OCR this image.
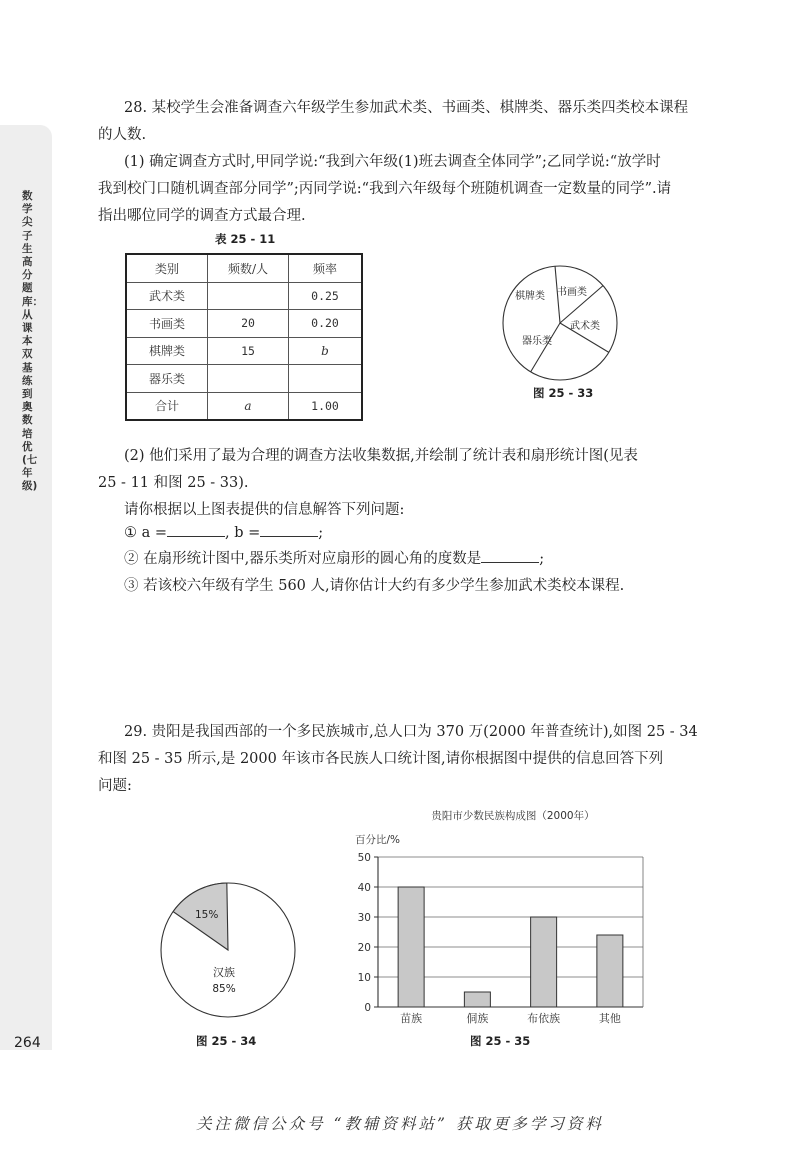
数学尖子生高分题库：从课本双基练到奥数培优(七年级)
264
28. 某校学生会准备调查六年级学生参加武术类、书画类、棋牌类、器乐类四类校本课程
的人数.
(1) 确定调查方式时,甲同学说:“我到六年级(1)班去调查全体同学”;乙同学说:“放学时
我到校门口随机调查部分同学”;丙同学说:“我到六年级每个班随机调查一定数量的同学”.请
指出哪位同学的调查方式最合理.
表 25 - 11
类别	频数/人	频率
武术类		0.25
书画类	20	0.20
棋牌类	15	b
器乐类		
合计	a	1.00
棋牌类 书画类
武术类
器乐类
图 25 - 33
(2) 他们采用了最为合理的调查方法收集数据,并绘制了统计表和扇形统计图(见表
25 - 11 和图 25 - 33).
请你根据以上图表提供的信息解答下列问题:
① a =	, b =	;
② 在扇形统计图中,器乐类所对应扇形的圆心角的度数是	;
③ 若该校六年级有学生 560 人,请你估计大约有多少学生参加武术类校本课程.
29. 贵阳是我国西部的一个多民族城市,总人口为 370 万(2000 年普查统计),如图 25 - 34
和图 25 - 35 所示,是 2000 年该市各民族人口统计图,请你根据图中提供的信息回答下列
问题:
15%
汉族
85%
图 25 - 34
贵阳市少数民族构成图（2000年）
百分比/%
0
10
20
30
40
50
苗族	侗族	布依族	其他
图 25 - 35
关注微信公众号 “教辅资料站” 获取更多学习资料
